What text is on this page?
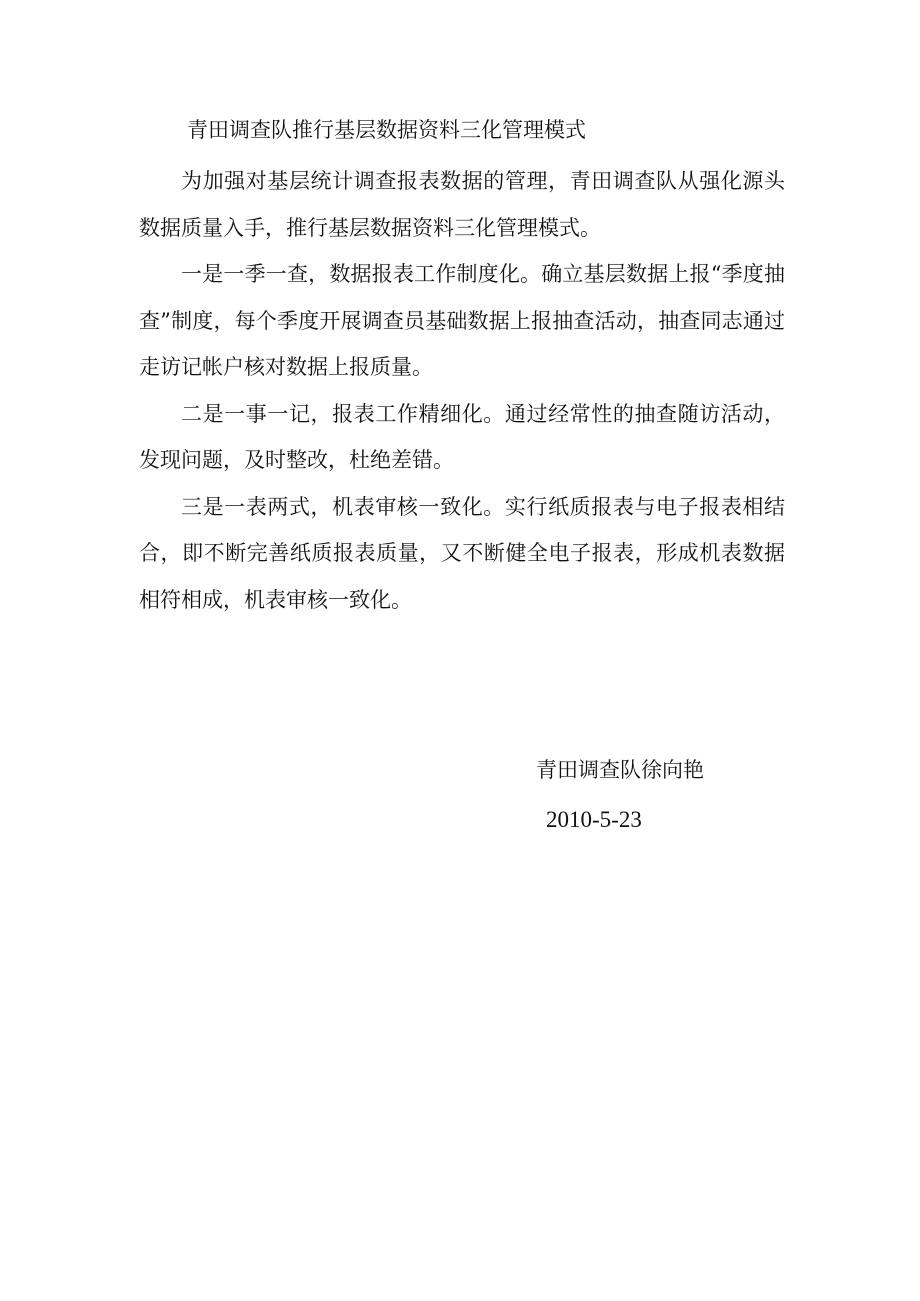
青田调查队推行基层数据资料三化管理模式

为加强对基层统计调查报表数据的管理，青田调查队从强化源头数据质量入手，推行基层数据资料三化管理模式。

一是一季一查，数据报表工作制度化。确立基层数据上报“季度抽查”制度，每个季度开展调查员基础数据上报抽查活动，抽查同志通过走访记帐户核对数据上报质量。

二是一事一记，报表工作精细化。通过经常性的抽查随访活动，发现问题，及时整改，杜绝差错。

三是一表两式，机表审核一致化。实行纸质报表与电子报表相结合，即不断完善纸质报表质量，又不断健全电子报表，形成机表数据相符相成，机表审核一致化。

青田调查队徐向艳
2010-5-23
